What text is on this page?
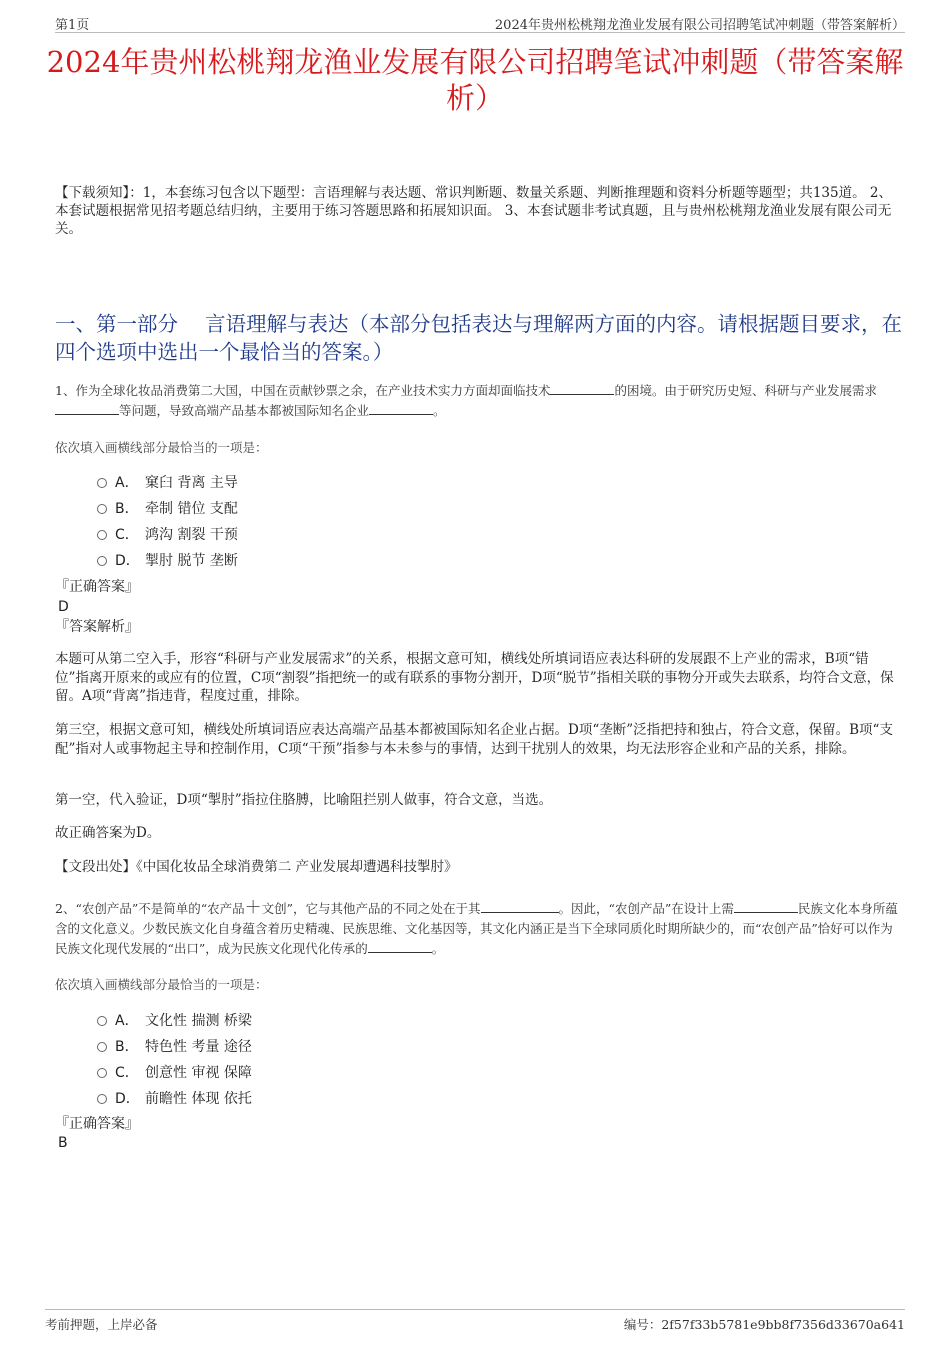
第1页	2024年贵州松桃翔龙渔业发展有限公司招聘笔试冲刺题（带答案解析）
2024年贵州松桃翔龙渔业发展有限公司招聘笔试冲刺题（带答案解析）
【下载须知】：1，本套练习包含以下题型：言语理解与表达题、常识判断题、数量关系题、判断推理题和资料分析题等题型；共135道。 2、本套试题根据常见招考题总结归纳，主要用于练习答题思路和拓展知识面。 3、本套试题非考试真题，且与贵州松桃翔龙渔业发展有限公司无关。
一、第一部分　 言语理解与表达（本部分包括表达与理解两方面的内容。请根据题目要求，在四个选项中选出一个最恰当的答案。）
1、作为全球化妆品消费第二大国，中国在贡献钞票之余，在产业技术实力方面却面临技术	的困境。由于研究历史短、科研与产业发展需求等问题，导致高端产品基本都被国际知名企业	。
依次填入画横线部分最恰当的一项是：
A． 窠臼 背离 主导
B． 牵制 错位 支配
C． 鸿沟 割裂 干预
D． 掣肘 脱节 垄断
『正确答案』
D
『答案解析』

本题可从第二空入手，形容“科研与产业发展需求”的关系，根据文意可知，横线处所填词语应表达科研的发展跟不上产业的需求，B项“错位”指离开原来的或应有的位置，C项“割裂”指把统一的或有联系的事物分割开，D项“脱节”指相关联的事物分开或失去联系，均符合文意，保留。A项“背离”指违背，程度过重，排除。

第三空，根据文意可知，横线处所填词语应表达高端产品基本都被国际知名企业占据。D项“垄断”泛指把持和独占，符合文意，保留。B项“支配”指对人或事物起主导和控制作用，C项“干预”指参与本未参与的事情，达到干扰别人的效果，均无法形容企业和产品的关系，排除。

第一空，代入验证，D项“掣肘”指拉住胳膊，比喻阻拦别人做事，符合文意，当选。

故正确答案为D。

【文段出处】《中国化妆品全球消费第二 产业发展却遭遇科技掣肘》

2、“农创产品”不是简单的“农产品＋文创”，它与其他产品的不同之处在于其	。因此，“农创产品”在设计上需	民族文化本身所蕴含的文化意义。少数民族文化自身蕴含着历史精魂、民族思维、文化基因等，其文化内涵正是当下全球同质化时期所缺少的，而“农创产品”恰好可以作为民族文化现代发展的“出口”，成为民族文化现代化传承的	。
依次填入画横线部分最恰当的一项是：
A． 文化性 揣测 桥梁
B． 特色性 考量 途径
C． 创意性 审视 保障
D． 前瞻性 体现 依托
『正确答案』
B
考前押题，上岸必备	编号：2f57f33b5781e9bb8f7356d33670a641
